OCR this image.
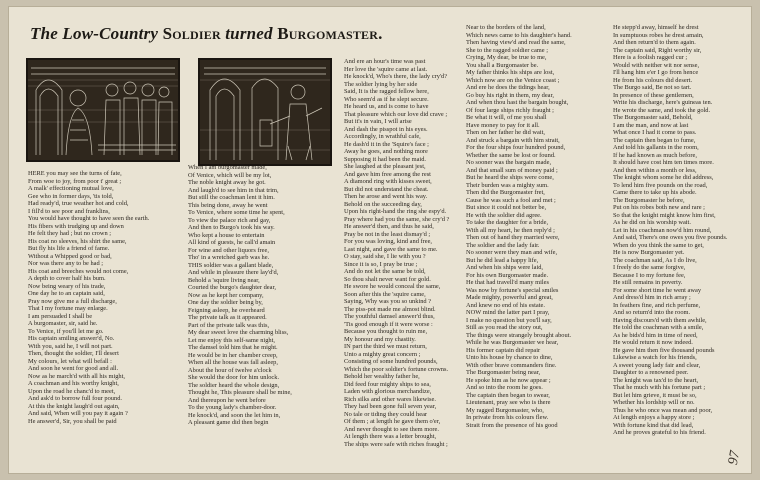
The Low-Country Soldier turned Burgomaster.
HERE you may see the turns of fate,
From woe to joy, from poor t' great ;
A malk' effectioning mutual love,
Gee who in former days, 'tis told,
Had ready'd, true weather hot and cold,
I fill'd to see poor and franklins,
You would have thought to have seen the earth.
His fibers with trudging up and down
He felt they had ; but no crown ;
His coat no sleeves, his shirt the same,
But fly his life a friend of fame.
Without a Whipped good or bad,
Nor was there any to be had ;
His coat and breeches would not come,
A depth to cover half his bum.
Now being weary of his trade,
One day he to an captain said,
Pray now give me a full discharge,
That I my fortune may enlarge.
I am persuaded I shall be
A burgomaster, sir, said he.
To Venice, if you'll let me go.
His captain smiling answer'd, No.
With you, said he, I will not part.
Then, thought the soldier, I'll desert
My colours, let what will befall :
And soon he went for good and all.
Now as he march'd with all his might,
A coachman and his worthy knight,
Upon the road he chanc'd to meet,
And ask'd to borrow full four pound.
At this the knight laugh'd out again,
And said, When will you pay it again ?
He answer'd, Sir, you shall be paid
When I am burgomaster made,
Of Venice, which will be my lot,
The noble knight away he got.
And laugh'd to see him in that trim,
But still the coachman lent it him.
This being done, away he went
To Venice, where some time he spent,
To view the palace rich and gay,
And then to Burgo's took his way.
Who kept a house to entertain
All kind of guests, he call'd amain
For wine and other liquors free,
Tho' in a wretched garb was he.
THIS soldier was a gallant blade,
And while in pleasure there lay'd'd,
Behold a 'squire living near,
Courted the burgo's daughter dear,
Now as he kept her company,
One day the soldier being by,
Feigning asleep, he overheard
The private talk as it appeared.
Part of the private talk was this,
My dear sweet love the charming bliss,
Let me enjoy this self-same night,
The damsel told him that he might.
He would be in her chamber creep,
When all the house was fall asleep,
About the hour of twelve a'clock
She would the door for him unlock.
The soldier heard the whole design,
Thought he, This pleasure shall be mine,
And thereupon he went before
To the young lady's chamber-door.
He knock'd, and soon the let him in,
A pleasant game did then begin
And ere an hour's time was past
Her love the 'squire came at last.
He knock'd, Who's there, the lady cry'd?
The soldier lying by her side
Said, It is the ragged fellow here,
Who seem'd as if he slept secure.
He heard us, and is come to have
That pleasure which our love did crave ;
But it's in vain, I will arise
And dash the pisspot in his eyes.
Accordingly, in wrathful cafe,
He dash'd it in the 'Squire's face ;
Away he goes, and nothing more
Supposing it had been the maid.
She laughed at the pleasant jest,
And gave him free among the rest
A diamond ring with kisses sweet,
But did not understand the cheat.
Then he arose and went his way.
Behold on the succeeding day,
Upon his right-hand the ring she espy'd.
Pray where had you the same, she cry'd ?
He answer'd then, and thus he said,
Pray be not in the least dismay'd ;
For you was loving, kind and free,
Last night, and gave the same to me.
O stay, said she, I lie with you ?
Since it is so, I pray be true ;
And do not let the same be told,
So thou shalt never want for gold.
He swore he would conceal the same,
Soon after this the 'squire came,
Saying, Why was you so unkind ?
The piss-pot made me almost blind.
The youthful damsel answer'd thus,
'Tis good enough if it were worse :
Because you thought to ruin me,
My honour and my chastity.
IN part the third we must return,
Unto a mighty great concern ;
Consisting of some hundred pounds,
Which the poor soldier's fortune crowns.
Behold her wealthy father he,
Did feed four mighty ships to sea,
Laden with glorious merchandize,
Rich silks and other wares likewise.
They had been gone full seven year,
No tale or tiding they could hear
Of them ; at length he gave them o'er,
And never thought to see them more.
At length there was a letter brought,
The ships were safe with riches fraught ;
Near to the borders of the land,
Which news came to his daughter's hand.
Then having view'd and read the same,
She to the ragged soldier came ;
Crying, My dear, be true to me,
You shall a Burgomaster be.
My father thinks his ships are lost,
Which now are on the Venice coast ;
And ere he does the tidings hear,
Go buy his right in them, my dear,
And when thou hast the bargain bought,
Of four large ships richly fraught ;
Be what it will, of me you shall
Have money to pay for it all.
Then on her father he did wait,
And struck a bargain with him strait,
For the four ships four hundred pound,
Whether the same be lost or found.
No sooner was the bargain made,
And that small sum of money paid ;
But he heard the ships were come,
Their burden was a mighty sum.
Then did the Burgomaster fret,
Cause he was such a fool and met ;
But since it could not better be,
He with the soldier did agree.
To take the daughter for a bride,
With all my heart, he then reply'd ;
Then out of hand they married were,
The soldier and the lady fair.
No sooner were they man and wife,
But he did lead a happy life,
And when his ships were laid,
For his own Burgomaster made.
He that had travell'd many miles
Was now by fortune's special smiles
Made mighty, powerful and great,
And knew no end of his estate.
NOW mind the latter part I pray,
I make no question but you'll say,
Still as you read the story out,
The things were strangely brought about.
While he was Burgomaster we hear,
His former captain did repair
Unto his house by chance to dine,
With other brave commanders fine.
The Burgomaster being near,
He spoke him as he now appear ;
And so into the room he goes.
The captain then began to swear,
Lieutenant, pray see who is there
My ragged Burgomaster, who,
In private from his colours flew.
Strait from the presence of his good
He stepp'd away, himself he drest
In sumptuous robes he drest amain,
And then return'd to them again.
The captain said, Right worthy sir,
Here is a foolish ragged cur ;
Would with neither wit nor sense,
I'll hang him e'er I go from hence
He from his colours did desert.
The Burgo said, Be not so tart.
In presence of these gentlemen,
Write his discharge, here's guineas ten.
He wrote the same, and took the gold.
The Burgomaster said, Behold,
I am the man, and now at last
What once I had it come to pass.
The captain then began to fume,
And told his gallants in the room,
If he had known as much before,
It should have cost him ten times more.
And then within a month or less,
The knight whom some he did address,
To lend him five pounds on the road,
Came there to take up his abode.
The Burgomaster he before,
Put on his robes both new and rare ;
So that the knight might know him first,
As he did on his worship wait.
Let in his coachman now'd him round,
And said, There's one owes you five pounds.
When do you think the same to get,
He is now Burgomaster yet.
The coachman said, As I do live,
I freely do the same forgive,
Because I to my fortune fee,
He still remains in poverty.
For some short time he went away
And dress'd him in rich array ;
In feathers fine, and rich perfume,
And so return'd into the room.
Having discours'd with them awhile,
He told the coachman with a smile,
As he bids'd him in time of need,
He would return it now indeed.
He gave him then five thousand pounds
Likewise a watch for his friends,
A sweet young lady fair and clear,
Daughter to a renowned peer.
The knight was tax'd to the heart,
That he much with his fortune part ;
But let him grieve, it must be so,
Whether his lordship will or no.
Thus he who once was mean and poor,
At length enjoys a happy store ;
With fortune kind that did lead,
And he proves grateful to his friend.
97
